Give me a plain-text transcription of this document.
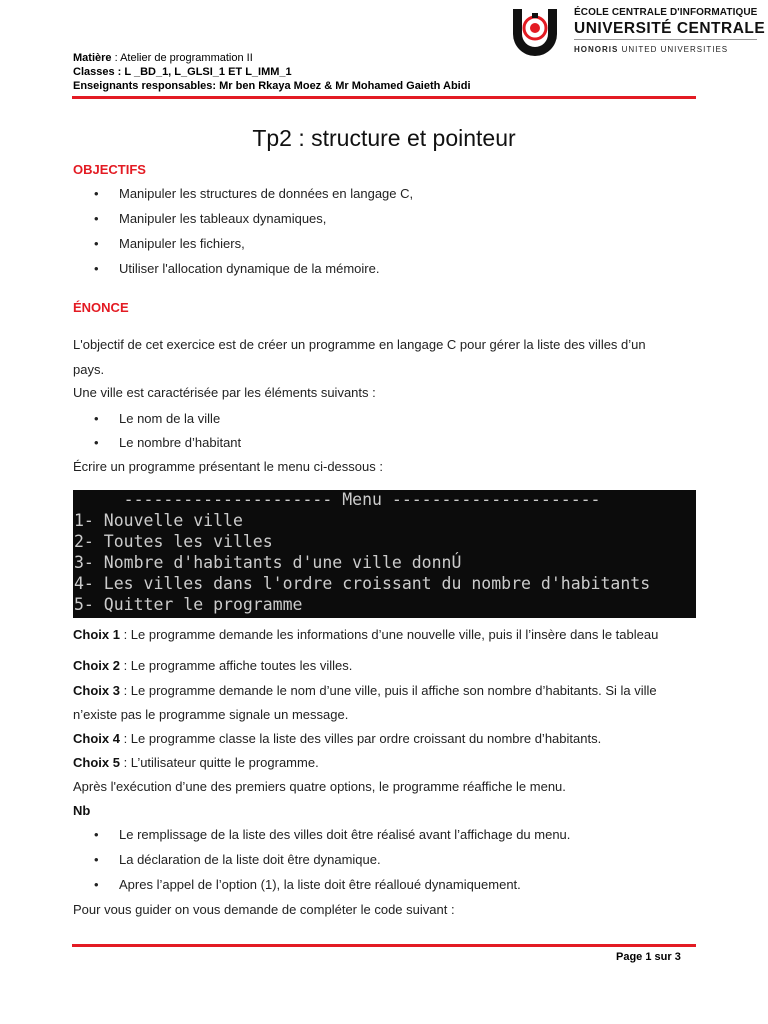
Matière : Atelier de programmation II
Classes : L _BD_1, L_GLSI_1 ET L_IMM_1
Enseignants responsables: Mr ben Rkaya Moez & Mr Mohamed Gaieth Abidi
ÉCOLE CENTRALE D'INFORMATIQUE
UNIVERSITÉ CENTRALE
HONORIS UNITED UNIVERSITIES
Tp2 : structure et pointeur
OBJECTIFS
• Manipuler les structures de données en langage C,
• Manipuler les tableaux dynamiques,
• Manipuler les fichiers,
• Utiliser l'allocation dynamique de la mémoire.
ÉNONCE
L'objectif de cet exercice est de créer un programme en langage C pour gérer la liste des villes d’un
pays.
Une ville est caractérisée par les éléments suivants :
• Le nom de la ville
• Le nombre d’habitant
Écrire un programme présentant le menu ci-dessous :
--------------------- Menu ---------------------
1- Nouvelle ville
2- Toutes les villes
3- Nombre d'habitants d'une ville donnÚ
4- Les villes dans l'ordre croissant du nombre d'habitants
5- Quitter le programme
Choix 1 : Le programme demande les informations d’une nouvelle ville, puis il l’insère dans le tableau
Choix 2 : Le programme affiche toutes les villes.
Choix 3 : Le programme demande le nom d’une ville, puis il affiche son nombre d’habitants. Si la ville
n’existe pas le programme signale un message.
Choix 4 : Le programme classe la liste des villes par ordre croissant du nombre d’habitants.
Choix 5 : L’utilisateur quitte le programme.
Après l'exécution d’une des premiers quatre options, le programme réaffiche le menu.
Nb
• Le remplissage de la liste des villes doit être réalisé avant l’affichage du menu.
• La déclaration de la liste doit être dynamique.
• Apres l’appel de l’option (1), la liste doit être réalloué dynamiquement.
Pour vous guider on vous demande de compléter le code suivant :
Page 1 sur 3
